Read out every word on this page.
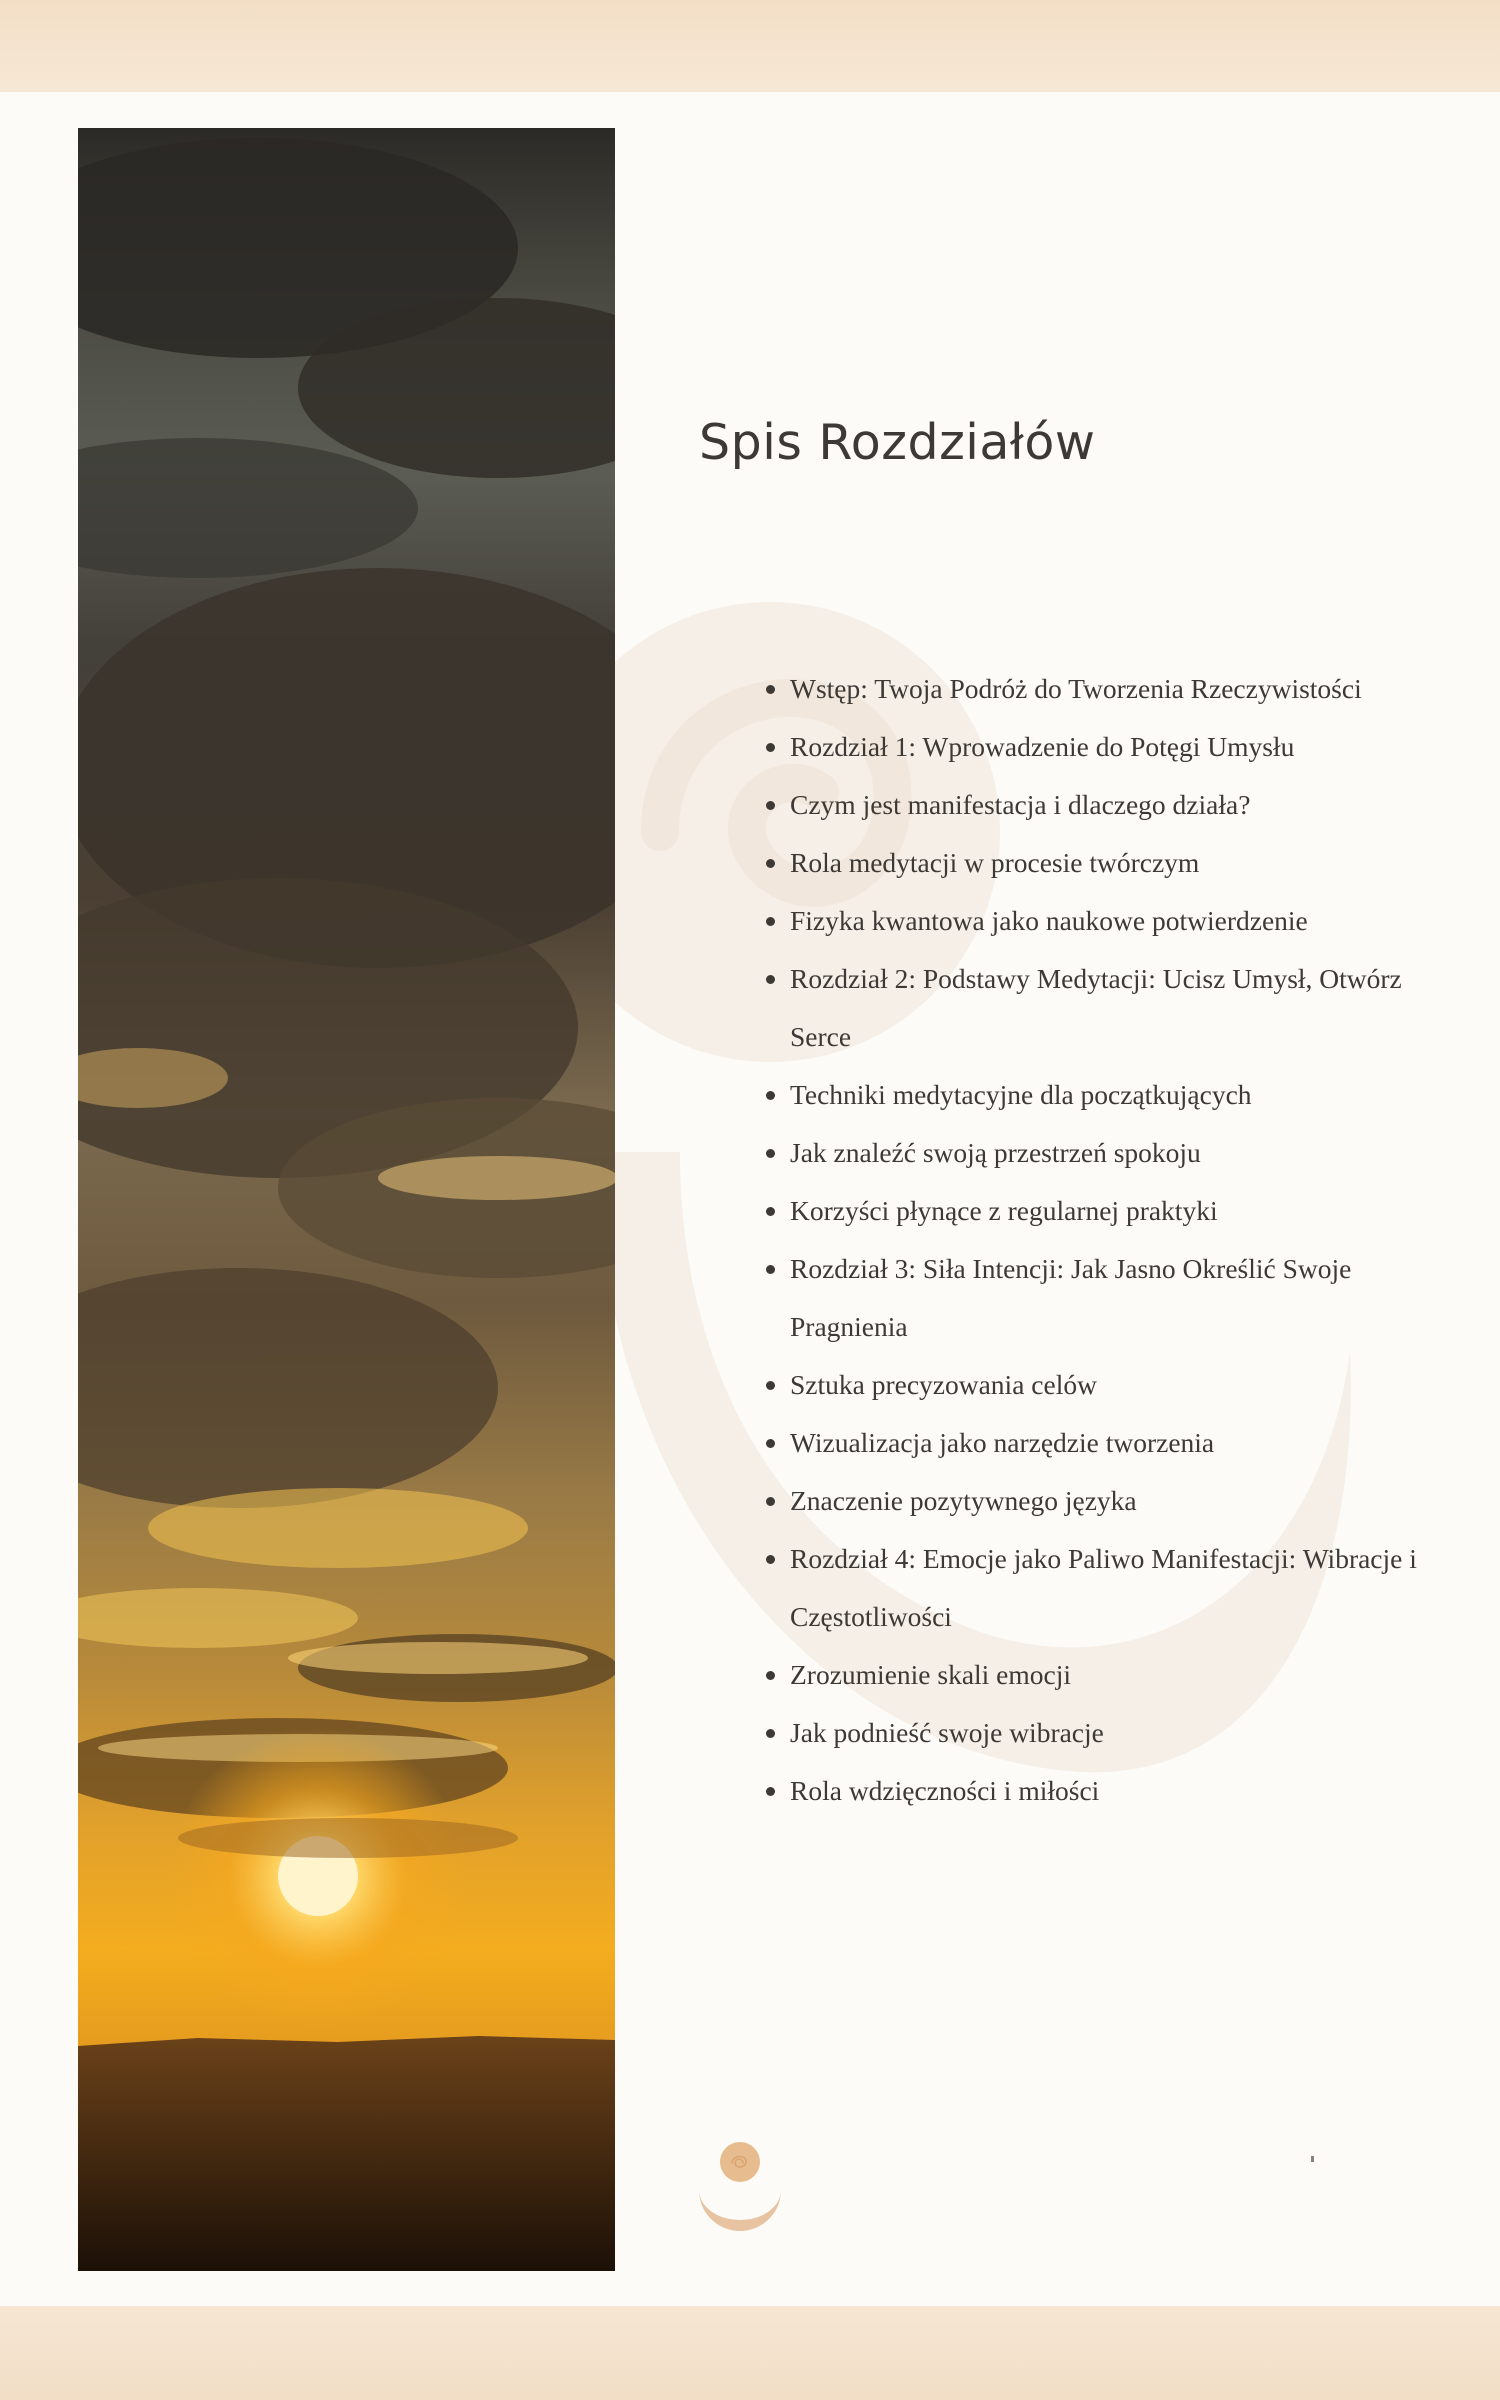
Spis Rozdziałów
Wstęp: Twoja Podróż do Tworzenia Rzeczywistości
Rozdział 1: Wprowadzenie do Potęgi Umysłu
Czym jest manifestacja i dlaczego działa?
Rola medytacji w procesie twórczym
Fizyka kwantowa jako naukowe potwierdzenie
Rozdział 2: Podstawy Medytacji: Ucisz Umysł, Otwórz Serce
Techniki medytacyjne dla początkujących
Jak znaleźć swoją przestrzeń spokoju
Korzyści płynące z regularnej praktyki
Rozdział 3: Siła Intencji: Jak Jasno Określić Swoje Pragnienia
Sztuka precyzowania celów
Wizualizacja jako narzędzie tworzenia
Znaczenie pozytywnego języka
Rozdział 4: Emocje jako Paliwo Manifestacji: Wibracje i Częstotliwości
Zrozumienie skali emocji
Jak podnieść swoje wibracje
Rola wdzięczności i miłości
